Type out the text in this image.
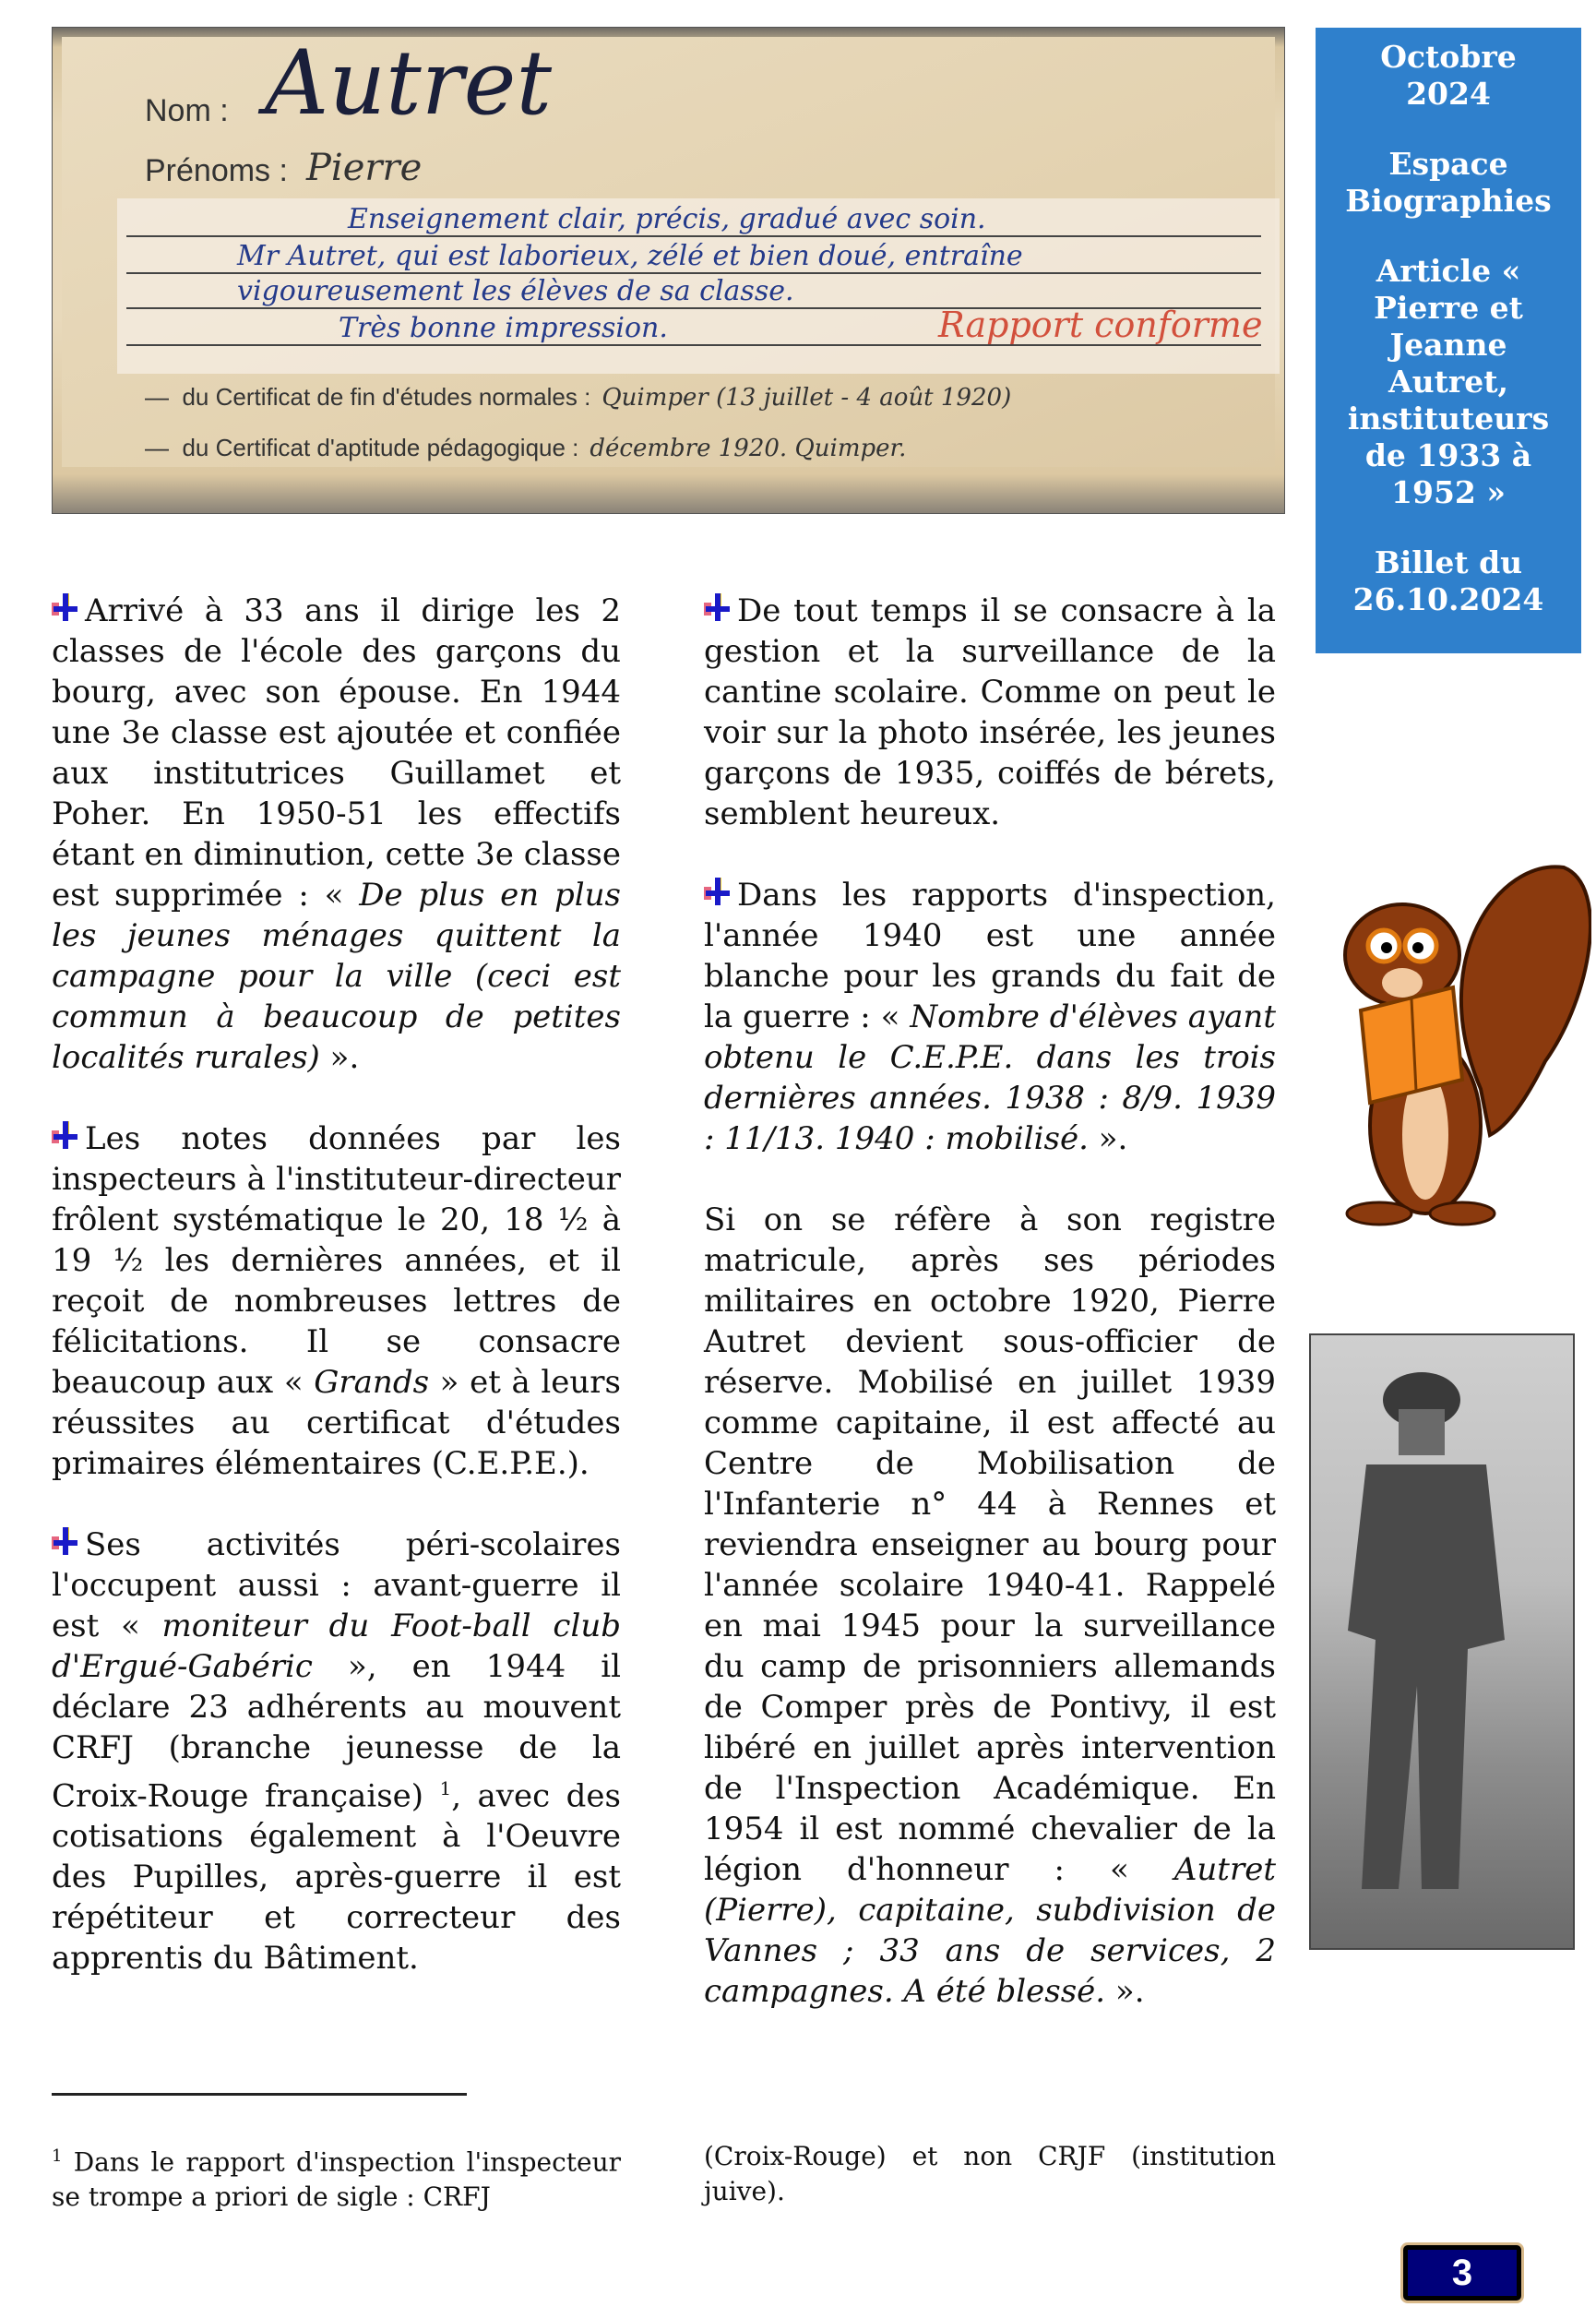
Nom : Autret
Prénoms : Pierre
Enseignement clair, précis, gradué avec soin.
Mr Autret, qui est laborieux, zélé et bien doué, entraîne
vigoureusement les élèves de sa classe.
Très bonne impression.	Rapport conforme
—  du Certificat de fin d'études normales : Quimper (13 juillet - 4 août 1920)
—  du Certificat d'aptitude pédagogique : décembre 1920. Quimper.

Octobre 2024

Espace Biographies

Article « Pierre et Jeanne Autret, instituteurs de 1933 à 1952 »

Billet du 26.10.2024

Arrivé à 33 ans il dirige les 2 classes de l'école des garçons du bourg, avec son épouse. En 1944 une 3e classe est ajoutée et confiée aux institutrices Guillamet et Poher. En 1950-51 les effectifs étant en diminution, cette 3e classe est supprimée : « De plus en plus les jeunes ménages quittent la campagne pour la ville (ceci est commun à beaucoup de petites localités rurales) ».

Les notes données par les inspecteurs à l'instituteur-directeur frôlent systématique le 20, 18 ½ à 19 ½ les dernières années, et il reçoit de nombreuses lettres de félicitations. Il se consacre beaucoup aux « Grands » et à leurs réussites au certificat d'études primaires élémentaires (C.E.P.E.).

Ses activités péri-scolaires l'occupent aussi : avant-guerre il est « moniteur du Foot-ball club d'Ergué-Gabéric », en 1944 il déclare 23 adhérents au mouvent CRFJ (branche jeunesse de la Croix-Rouge française) $^1$, avec des cotisations également à l'Oeuvre des Pupilles, après-guerre il est répétiteur et correcteur des apprentis du Bâtiment.

De tout temps il se consacre à la gestion et la surveillance de la cantine scolaire. Comme on peut le voir sur la photo insérée, les jeunes garçons de 1935, coiffés de bérets, semblent heureux.

Dans les rapports d'inspection, l'année 1940 est une année blanche pour les grands du fait de la guerre : « Nombre d'élèves ayant obtenu le C.E.P.E. dans les trois dernières années. 1938 : 8/9. 1939 : 11/13. 1940 : mobilisé. ».

Si on se réfère à son registre matricule, après ses périodes militaires en octobre 1920, Pierre Autret devient sous-officier de réserve. Mobilisé en juillet 1939 comme capitaine, il est affecté au Centre de Mobilisation de l'Infanterie n° 44 à Rennes et reviendra enseigner au bourg pour l'année scolaire 1940-41. Rappelé en mai 1945 pour la surveillance du camp de prisonniers allemands de Comper près de Pontivy, il est libéré en juillet après intervention de l'Inspection Académique. En 1954 il est nommé chevalier de la légion d'honneur : « Autret (Pierre), capitaine, subdivision de Vannes ; 33 ans de services, 2 campagnes. A été blessé. ».

$^1$ Dans le rapport d'inspection l'inspecteur se trompe a priori de sigle : CRFJ
(Croix-Rouge) et non CRJF (institution juive).
3
